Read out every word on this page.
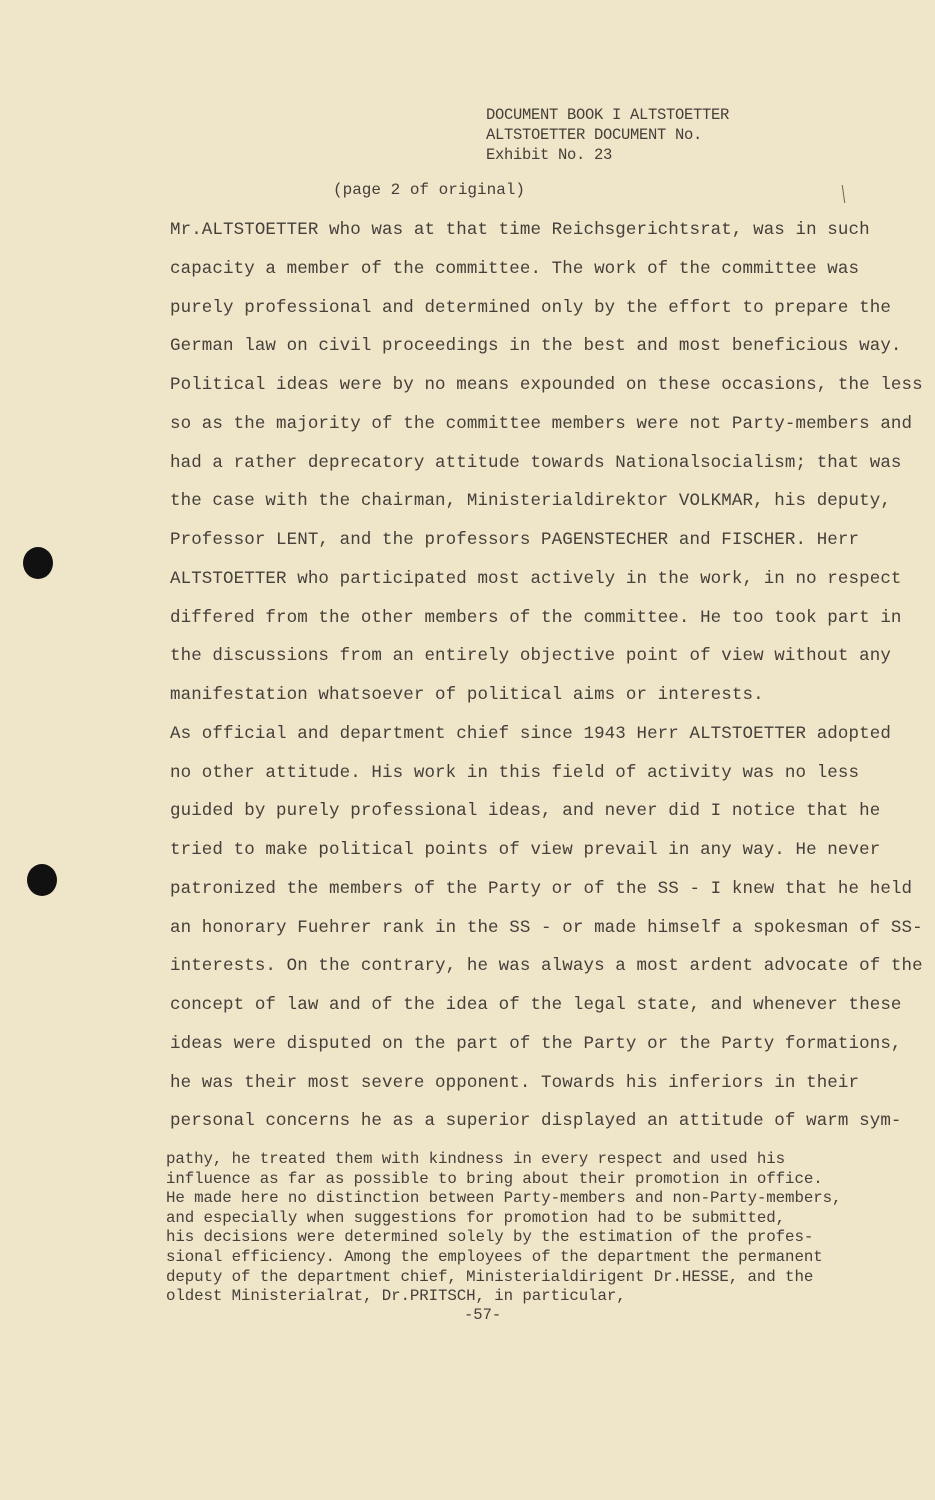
DOCUMENT BOOK I ALTSTOETTER
ALTSTOETTER DOCUMENT No.
Exhibit No. 23
(page 2 of original)
Mr.ALTSTOETTER who was at that time Reichsgerichtsrat, was in such
capacity a member of the committee. The work of the committee was
purely professional and determined only by the effort to prepare the
German law on civil proceedings in the best and most beneficious way.
Political ideas were by no means expounded on these occasions, the less
so as the majority of the committee members were not Party-members and
had a rather deprecatory attitude towards Nationalsocialism; that was
the case with the chairman, Ministerialdirektor VOLKMAR, his deputy,
Professor LENT, and the professors PAGENSTECHER and FISCHER. Herr
ALTSTOETTER who participated most actively in the work, in no respect
differed from the other members of the committee. He too took part in
the discussions from an entirely objective point of view without any
manifestation whatsoever of political aims or interests.
As official and department chief since 1943 Herr ALTSTOETTER adopted
no other attitude. His work in this field of activity was no less
guided by purely professional ideas, and never did I notice that he
tried to make political points of view prevail in any way. He never
patronized the members of the Party or of the SS - I knew that he held
an honorary Fuehrer rank in the SS - or made himself a spokesman of SS-
interests. On the contrary, he was always a most ardent advocate of the
concept of law and of the idea of the legal state, and whenever these
ideas were disputed on the part of the Party or the Party formations,
he was their most severe opponent. Towards his inferiors in their
personal concerns he as a superior displayed an attitude of warm sym-
pathy, he treated them with kindness in every respect and used his
influence as far as possible to bring about their promotion in office.
He made here no distinction between Party-members and non-Party-members,
and especially when suggestions for promotion had to be submitted,
his decisions were determined solely by the estimation of the profes-
sional efficiency. Among the employees of the department the permanent
deputy of the department chief, Ministerialdirigent Dr.HESSE, and the
oldest Ministerialrat, Dr.PRITSCH, in particular,
-57-
